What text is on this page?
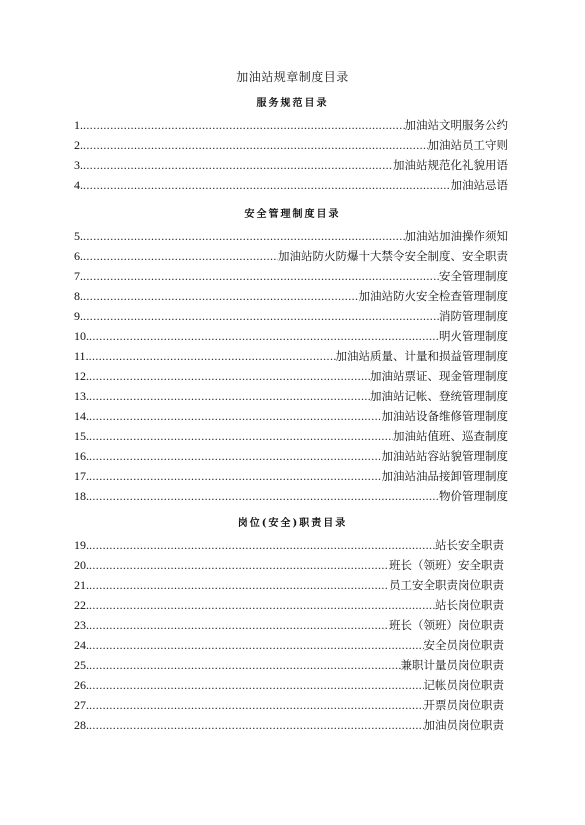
加油站规章制度目录
服务规范目录
1 . .....	加油站文明服务公约
2 . .....	加油站员工守则
3 . .....	加油站规范化礼貌用语
4 . .....	加油站忌语
安全管理制度目录
5 . .....	加油站加油操作须知
6 . .....	加油站防火防爆十大禁令安全制度、安全职责
7 . .....	安全管理制度
8 . .....	加油站防火安全检查管理制度
9 . .....	消防管理制度
10 . .....	明火管理制度
11 . .....	加油站质量、计量和损益管理制度
12 . .....	加油站票证、现金管理制度
13 . .....	加油站记帐、登统管理制度
14 . .....	加油站设备维修管理制度
15 . .....	加油站值班、巡查制度
16 . .....	加油站站容站貌管理制度
17 . .....	加油站油品接卸管理制度
18 . .....	物价管理制度
岗位(安全)职责目录
19 . .....	站长安全职责
20 . .....	班长（领班）安全职责
21 . .....	员工安全职责岗位职责
22 . .....	站长岗位职责
23 . .....	班长（领班）岗位职责
24 . .....	安全员岗位职责
25 . .....	兼职计量员岗位职责
26 . .....	记帐员岗位职责
27 . .....	开票员岗位职责
28 . .....	加油员岗位职责
